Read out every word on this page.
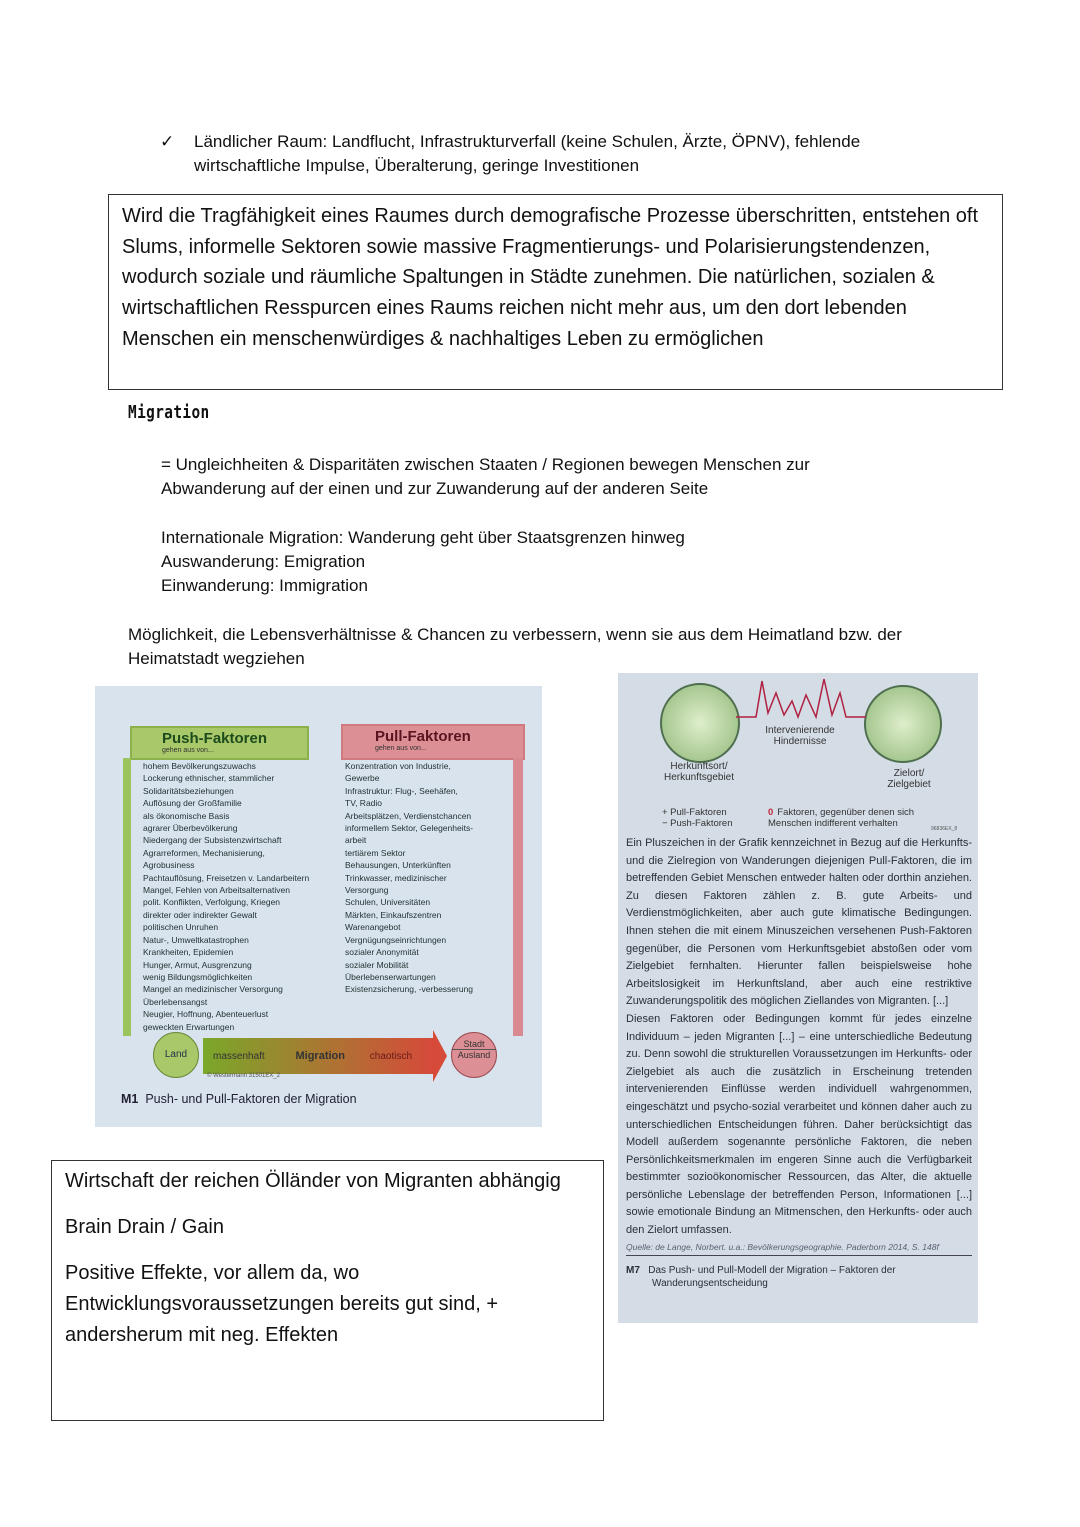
✓ Ländlicher Raum: Landflucht, Infrastrukturverfall (keine Schulen, Ärzte, ÖPNV), fehlende wirtschaftliche Impulse, Überalterung, geringe Investitionen
Wird die Tragfähigkeit eines Raumes durch demografische Prozesse überschritten, entstehen oft Slums, informelle Sektoren sowie massive Fragmentierungs- und Polarisierungstendenzen, wodurch soziale und räumliche Spaltungen in Städte zunehmen. Die natürlichen, sozialen & wirtschaftlichen Resspurcen eines Raums reichen nicht mehr aus, um den dort lebenden Menschen ein menschenwürdiges & nachhaltiges Leben zu ermöglichen
Migration
= Ungleichheiten & Disparitäten zwischen Staaten / Regionen bewegen Menschen zur Abwanderung auf der einen und zur Zuwanderung auf der anderen Seite
Internationale Migration: Wanderung geht über Staatsgrenzen hinweg
Auswanderung: Emigration
Einwanderung: Immigration
Möglichkeit, die Lebensverhältnisse & Chancen zu verbessern, wenn sie aus dem Heimatland bzw. der Heimatstadt wegziehen
Push-Faktoren
gehen aus von...
Pull-Faktoren
gehen aus von...
hohem Bevölkerungszuwachs
Lockerung ethnischer, stammlicher
Solidaritätsbeziehungen
Auflösung der Großfamilie
als ökonomische Basis
agrarer Überbevölkerung
Niedergang der Subsistenzwirtschaft
Agrarreformen, Mechanisierung,
Agrobusiness
Pachtauflösung, Freisetzen v. Landarbeitern
Mangel, Fehlen von Arbeitsalternativen
polit. Konflikten, Verfolgung, Kriegen
direkter oder indirekter Gewalt
politischen Unruhen
Natur-, Umweltkatastrophen
Krankheiten, Epidemien
Hunger, Armut, Ausgrenzung
wenig Bildungsmöglichkeiten
Mangel an medizinischer Versorgung
Überlebensangst
Neugier, Hoffnung, Abenteuerlust
geweckten Erwartungen
Konzentration von Industrie,
Gewerbe
Infrastruktur: Flug-, Seehäfen,
TV, Radio
Arbeitsplätzen, Verdienstchancen
informellem Sektor, Gelegenheits-
arbeit
tertiärem Sektor
Behausungen, Unterkünften
Trinkwasser, medizinischer
Versorgung
Schulen, Universitäten
Märkten, Einkaufszentren
Warenangebot
Vergnügungseinrichtungen
sozialer Anonymität
sozialer Mobilität
Überlebenserwartungen
Existenzsicherung, -verbesserung
Land	massenhaft	Migration chaotisch
Stadt
Ausland
© Westermann 31501EX_2
M1 Push- und Pull-Faktoren der Migration
Intervenierende Hindernisse
Herkunftsort/ Herkunftsgebiet	Zielort/ Zielgebiet
+ Pull-Faktoren
− Push-Faktoren
0 Faktoren, gegenüber denen sich Menschen indifferent verhalten	96836EX_8
Ein Pluszeichen in der Grafik kennzeichnet in Bezug auf die Herkunfts- und die Zielregion von Wanderungen diejenigen Pull-Faktoren, die im betreffenden Gebiet Menschen entweder halten oder dorthin anziehen. Zu diesen Faktoren zählen z. B. gute Arbeits- und Verdienstmöglichkeiten, aber auch gute klimatische Bedingungen. Ihnen stehen die mit einem Minuszeichen versehenen Push-Faktoren gegenüber, die Personen vom Herkunftsgebiet abstoßen oder vom Zielgebiet fernhalten. Hierunter fallen beispielsweise hohe Arbeitslosigkeit im Herkunftsland, aber auch eine restriktive Zuwanderungspolitik des möglichen Ziellandes von Migranten. [...]
Diesen Faktoren oder Bedingungen kommt für jedes einzelne Individuum – jeden Migranten [...] – eine unterschiedliche Bedeutung zu. Denn sowohl die strukturellen Voraussetzungen im Herkunfts- oder Zielgebiet als auch die zusätzlich in Erscheinung tretenden intervenierenden Einflüsse werden individuell wahrgenommen, eingeschätzt und psycho-sozial verarbeitet und können daher auch zu unterschiedlichen Entscheidungen führen. Daher berücksichtigt das Modell außerdem sogenannte persönliche Faktoren, die neben Persönlichkeitsmerkmalen im engeren Sinne auch die Verfügbarkeit bestimmter sozioökonomischer Ressourcen, das Alter, die aktuelle persönliche Lebenslage der betreffenden Person, Informationen [...] sowie emotionale Bindung an Mitmenschen, den Herkunfts- oder auch den Zielort umfassen.
Quelle: de Lange, Norbert. u.a.: Bevölkerungsgeographie. Paderborn 2014, S. 148f
M7 Das Push- und Pull-Modell der Migration – Faktoren der Wanderungsentscheidung

Wirtschaft der reichen Ölländer von Migranten abhängig

Brain Drain / Gain

Positive Effekte, vor allem da, wo Entwicklungsvoraussetzungen bereits gut sind, + andersherum mit neg. Effekten
